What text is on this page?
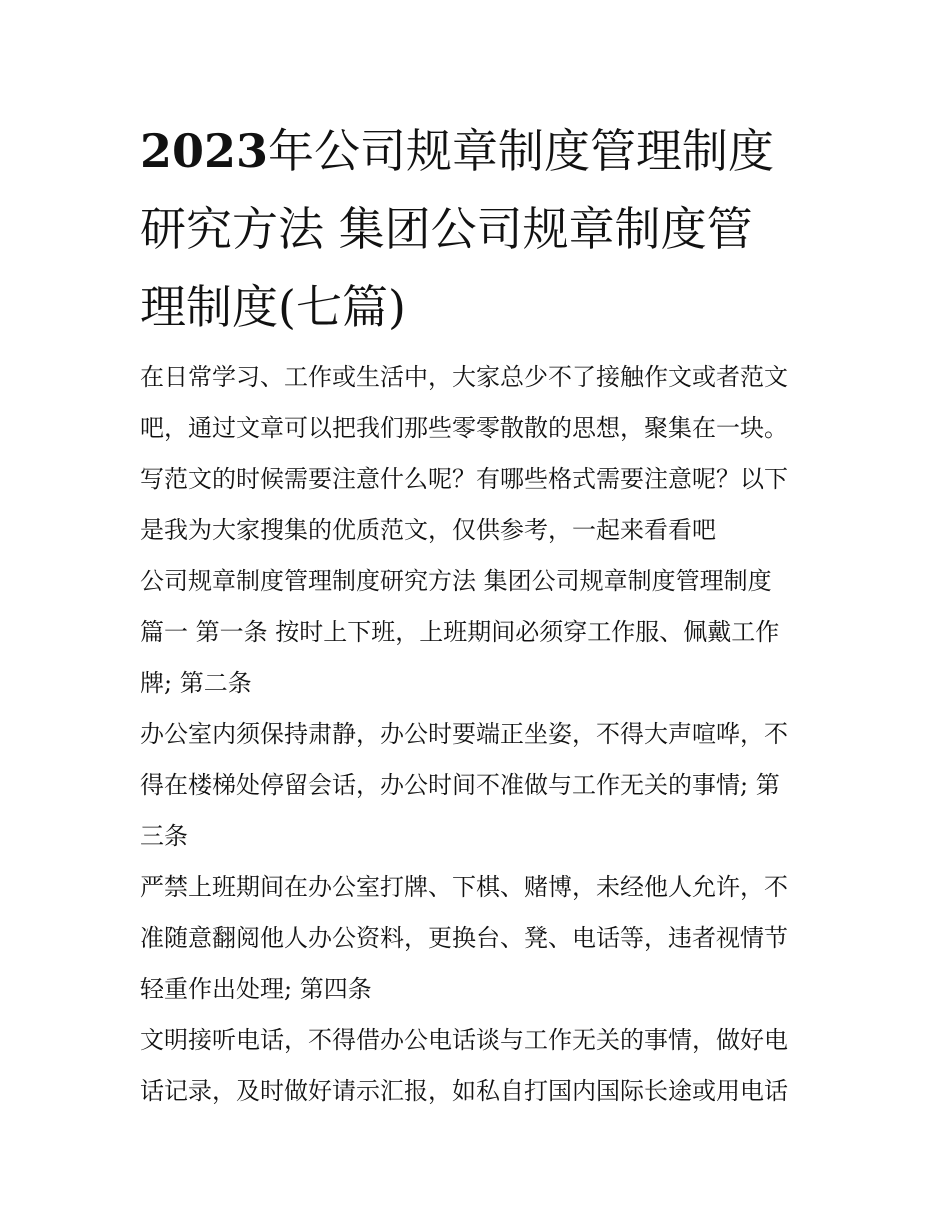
2023年公司规章制度管理制度
研究方法 集团公司规章制度管
理制度(七篇)
在日常学习、工作或生活中，大家总少不了接触作文或者范文
吧，通过文章可以把我们那些零零散散的思想，聚集在一块。
写范文的时候需要注意什么呢？有哪些格式需要注意呢？以下
是我为大家搜集的优质范文，仅供参考，一起来看看吧
公司规章制度管理制度研究方法 集团公司规章制度管理制度
篇一 第一条 按时上下班，上班期间必须穿工作服、佩戴工作
牌; 第二条
办公室内须保持肃静，办公时要端正坐姿，不得大声喧哗，不
得在楼梯处停留会话，办公时间不准做与工作无关的事情; 第
三条
严禁上班期间在办公室打牌、下棋、赌博，未经他人允许，不
准随意翻阅他人办公资料，更换台、凳、电话等，违者视情节
轻重作出处理; 第四条
文明接听电话，不得借办公电话谈与工作无关的事情，做好电
话记录，及时做好请示汇报，如私自打国内国际长途或用电话
